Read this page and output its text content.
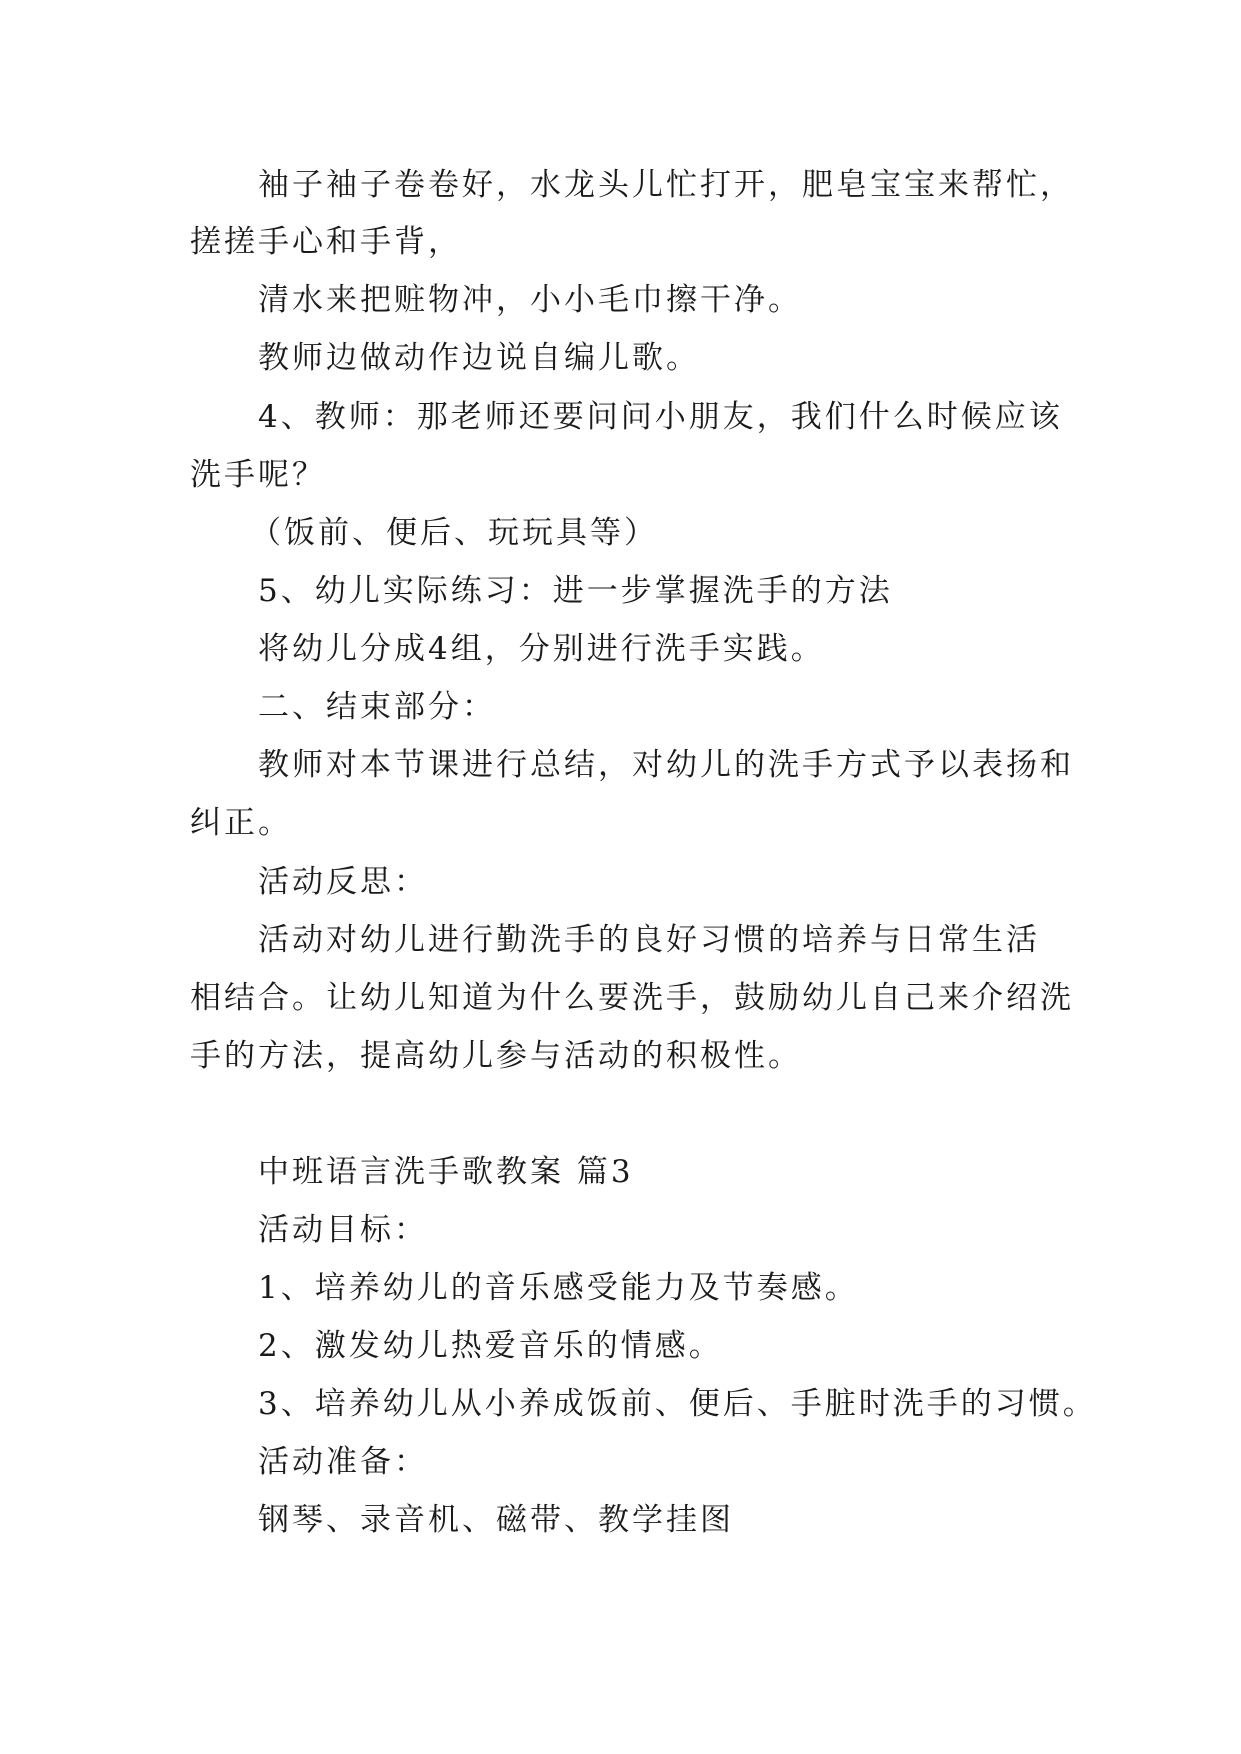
袖子袖子卷卷好，水龙头儿忙打开，肥皂宝宝来帮忙，
搓搓手心和手背，
清水来把赃物冲，小小毛巾擦干净。
教师边做动作边说自编儿歌。
4、教师：那老师还要问问小朋友，我们什么时候应该
洗手呢？
（饭前、便后、玩玩具等）
5、幼儿实际练习：进一步掌握洗手的方法
将幼儿分成4组，分别进行洗手实践。
二、结束部分：
教师对本节课进行总结，对幼儿的洗手方式予以表扬和
纠正。
活动反思：
活动对幼儿进行勤洗手的良好习惯的培养与日常生活
相结合。让幼儿知道为什么要洗手，鼓励幼儿自己来介绍洗
手的方法，提高幼儿参与活动的积极性。
中班语言洗手歌教案 篇3
活动目标：
1、培养幼儿的音乐感受能力及节奏感。
2、激发幼儿热爱音乐的情感。
3、培养幼儿从小养成饭前、便后、手脏时洗手的习惯。
活动准备：
钢琴、录音机、磁带、教学挂图
